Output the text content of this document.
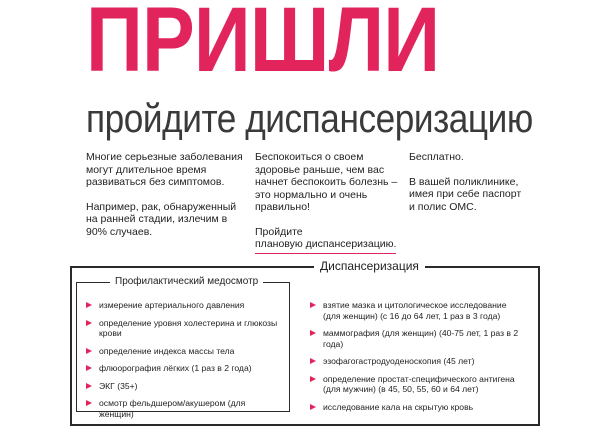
ПРИШЛИ
пройдите диспансеризацию

Многие серьезные заболевания могут длительное время развиваться без симптомов.

Например, рак, обнаруженный на ранней стадии, излечим в 90% случаев.

Беспокоиться о своем здоровье раньше, чем вас начнет беспокоить болезнь – это нормально и очень правильно!

Пройдите
плановую диспансеризацию.

Бесплатно.

В вашей поликлинике, имея при себе паспорт и полис ОМС.

Диспансеризация
Профилактический медосмотр
измерение артериального давления
определение уровня холестерина и глюкозы крови
определение индекса массы тела
флюорография лёгких (1 раз в 2 года)
ЭКГ (35+)
осмотр фельдшером/акушером (для женщин)
взятие мазка и цитологическое исследование (для женщин) (с 16 до 64 лет, 1 раз в 3 года)
маммография (для женщин) (40-75 лет, 1 раз в 2 года)
эзофагогастродуоденоскопия (45 лет)
определение простат-специфического антигена (для мужчин) (в 45, 50, 55, 60 и 64 лет)
исследование кала на скрытую кровь
